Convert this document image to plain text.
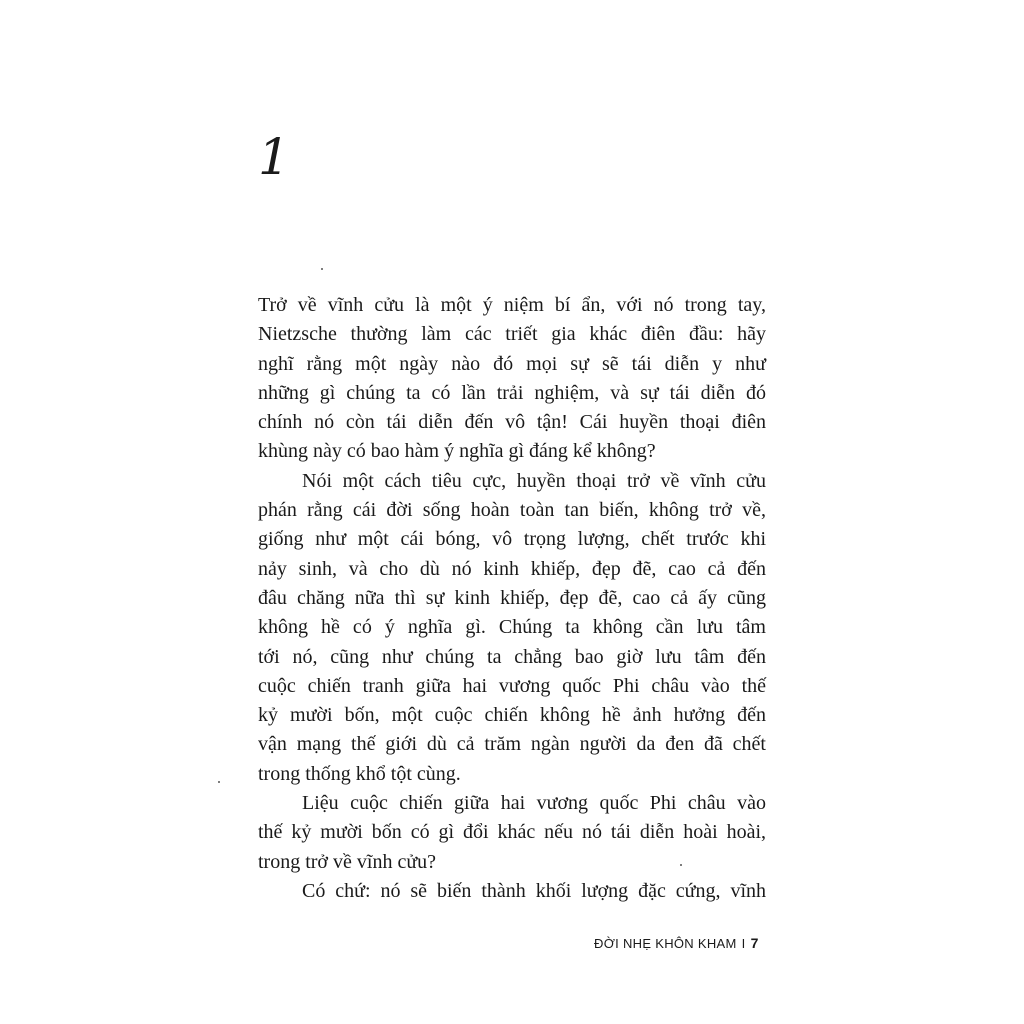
1
Trở về vĩnh cửu là một ý niệm bí ẩn, với nó trong tay,
Nietzsche thường làm các triết gia khác điên đầu: hãy
nghĩ rằng một ngày nào đó mọi sự sẽ tái diễn y như
những gì chúng ta có lần trải nghiệm, và sự tái diễn đó
chính nó còn tái diễn đến vô tận! Cái huyền thoại điên
khùng này có bao hàm ý nghĩa gì đáng kể không?
Nói một cách tiêu cực, huyền thoại trở về vĩnh cửu
phán rằng cái đời sống hoàn toàn tan biến, không trở về,
giống như một cái bóng, vô trọng lượng, chết trước khi
nảy sinh, và cho dù nó kinh khiếp, đẹp đẽ, cao cả đến
đâu chăng nữa thì sự kinh khiếp, đẹp đẽ, cao cả ấy cũng
không hề có ý nghĩa gì. Chúng ta không cần lưu tâm
tới nó, cũng như chúng ta chẳng bao giờ lưu tâm đến
cuộc chiến tranh giữa hai vương quốc Phi châu vào thế
kỷ mười bốn, một cuộc chiến không hề ảnh hưởng đến
vận mạng thế giới dù cả trăm ngàn người da đen đã chết
trong thống khổ tột cùng.
Liệu cuộc chiến giữa hai vương quốc Phi châu vào
thế kỷ mười bốn có gì đổi khác nếu nó tái diễn hoài hoài,
trong trở về vĩnh cửu?
Có chứ: nó sẽ biến thành khối lượng đặc cứng, vĩnh
ĐỜI NHẸ KHÔN KHAM I 7
